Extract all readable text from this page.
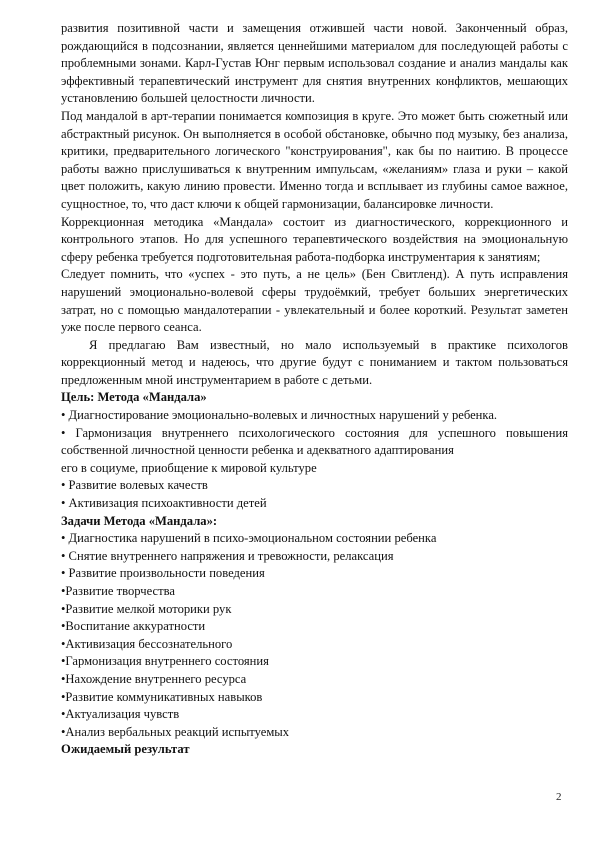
развития позитивной части и замещения отжившей части новой. Законченный образ, рождающийся в подсознании, является ценнейшими материалом для последующей работы с проблемными зонами. Карл-Густав Юнг первым использовал создание и анализ мандалы как эффективный терапевтический инструмент для снятия внутренних конфликтов, мешающих установлению большей целостности личности.

Под мандалой в арт-терапии понимается композиция в круге. Это может быть сюжетный или абстрактный рисунок. Он выполняется в особой обстановке, обычно под музыку, без анализа, критики, предварительного логического "конструирования", как бы по наитию. В процессе работы важно прислушиваться к внутренним импульсам, «желаниям» глаза и руки – какой цвет положить, какую линию провести. Именно тогда и всплывает из глубины самое важное, сущностное, то, что даст ключи к общей гармонизации, балансировке личности.

Коррекционная методика «Мандала» состоит из диагностического, коррекционного и контрольного этапов. Но для успешного терапевтического воздействия на эмоциональную сферу ребенка требуется подготовительная работа-подборка инструментария к занятиям;

Следует помнить, что «успех - это путь, а не цель» (Бен Свитленд). А путь исправления нарушений эмоционально-волевой сферы трудоёмкий, требует больших энергетических затрат, но с помощью мандалотерапии - увлекательный и более короткий. Результат заметен уже после первого сеанса.

Я предлагаю Вам известный, но мало используемый в практике психологов коррекционный метод и надеюсь, что другие будут с пониманием и тактом пользоваться предложенным мной инструментарием в работе с детьми.

Цель: Метода «Мандала»

• Диагностирование эмоционально-волевых и личностных нарушений у ребенка.
• Гармонизация внутреннего психологического состояния для успешного повышения собственной личностной ценности ребенка и адекватного адаптирования
его в социуме, приобщение к мировой культуре
• Развитие волевых качеств
• Активизация психоактивности детей

Задачи Метода «Мандала»:

• Диагностика нарушений в психо-эмоциональном состоянии ребенка
• Снятие внутреннего напряжения и тревожности, релаксация
• Развитие произвольности поведения
•Развитие творчества
•Развитие мелкой моторики рук
•Воспитание аккуратности
•Активизация бессознательного
•Гармонизация внутреннего состояния
•Нахождение внутреннего ресурса
•Развитие коммуникативных навыков
•Актуализация чувств
•Анализ вербальных реакций испытуемых

Ожидаемый результат

2
